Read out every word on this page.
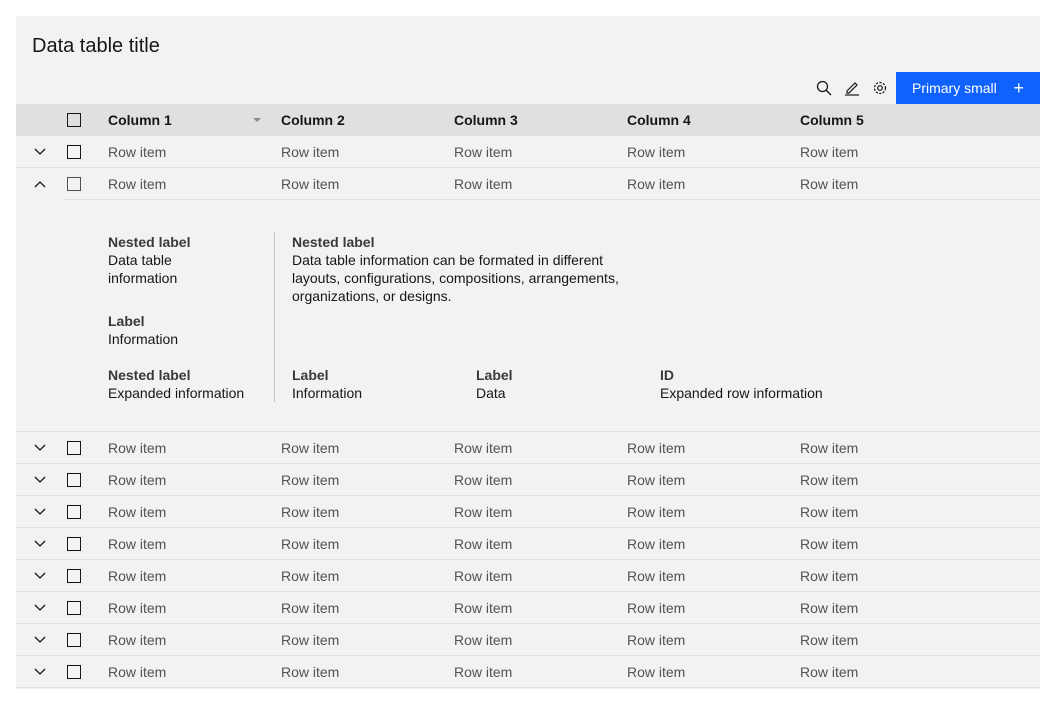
Data table title
Primary small +
Column 1	Column 2	Column 3	Column 4	Column 5
Row item	Row item	Row item	Row item	Row item
Row item	Row item	Row item	Row item	Row item
Row item	Row item	Row item	Row item	Row item
Row item	Row item	Row item	Row item	Row item
Row item	Row item	Row item	Row item	Row item
Row item	Row item	Row item	Row item	Row item
Row item	Row item	Row item	Row item	Row item
Row item	Row item	Row item	Row item	Row item
Row item	Row item	Row item	Row item	Row item
Row item	Row item	Row item	Row item	Row item
Nested label
Data table information
Label
Information
Nested label
Data table information can be formated in different layouts, configurations, compositions, arrangements, organizations, or designs.
Nested label
Expanded information
Label
Information
Label
Data
ID
Expanded row information
